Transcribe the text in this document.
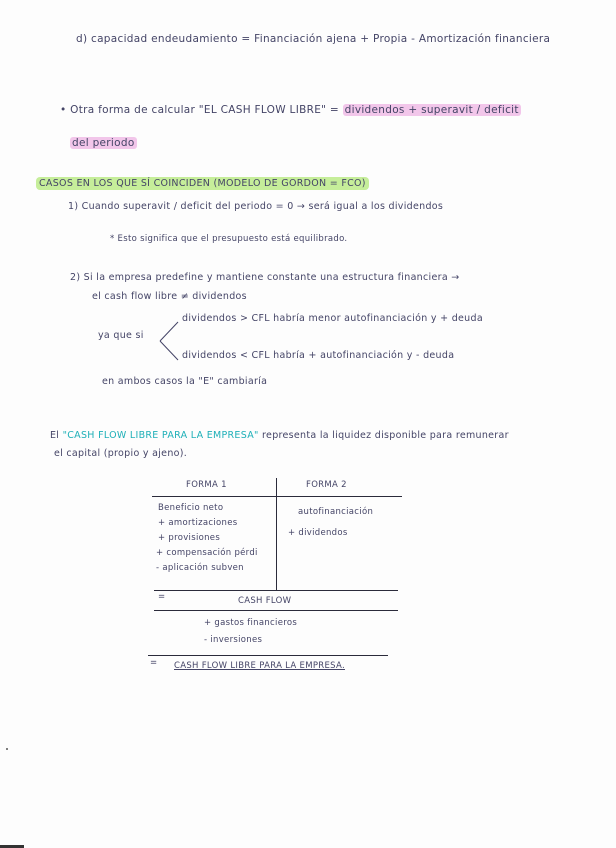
d) capacidad endeudamiento = Financiación ajena + Propia - Amortización financiera
• Otra forma de calcular "EL CASH FLOW LIBRE" = dividendos + superavit / deficit
del periodo
CASOS EN LOS QUE SÍ COINCIDEN (MODELO DE GORDON = FCO)
1) Cuando superavit / deficit del periodo = 0 → será igual a los dividendos
* Esto significa que el presupuesto está equilibrado.
2) Si la empresa predefine y mantiene constante una estructura financiera →
el cash flow libre ≠ dividendos
ya que si
dividendos > CFL habría menor autofinanciación y + deuda
dividendos < CFL habría + autofinanciación y - deuda
en ambos casos la "E" cambiaría
El "CASH FLOW LIBRE PARA LA EMPRESA" representa la liquidez disponible para remunerar
el capital (propio y ajeno).
FORMA 1	FORMA 2
Beneficio neto
+ amortizaciones
+ provisiones
+ compensación pérdi
- aplicación subven
autofinanciación
+ dividendos
=	CASH FLOW
+ gastos financieros
- inversiones
= CASH FLOW LIBRE PARA LA EMPRESA.
